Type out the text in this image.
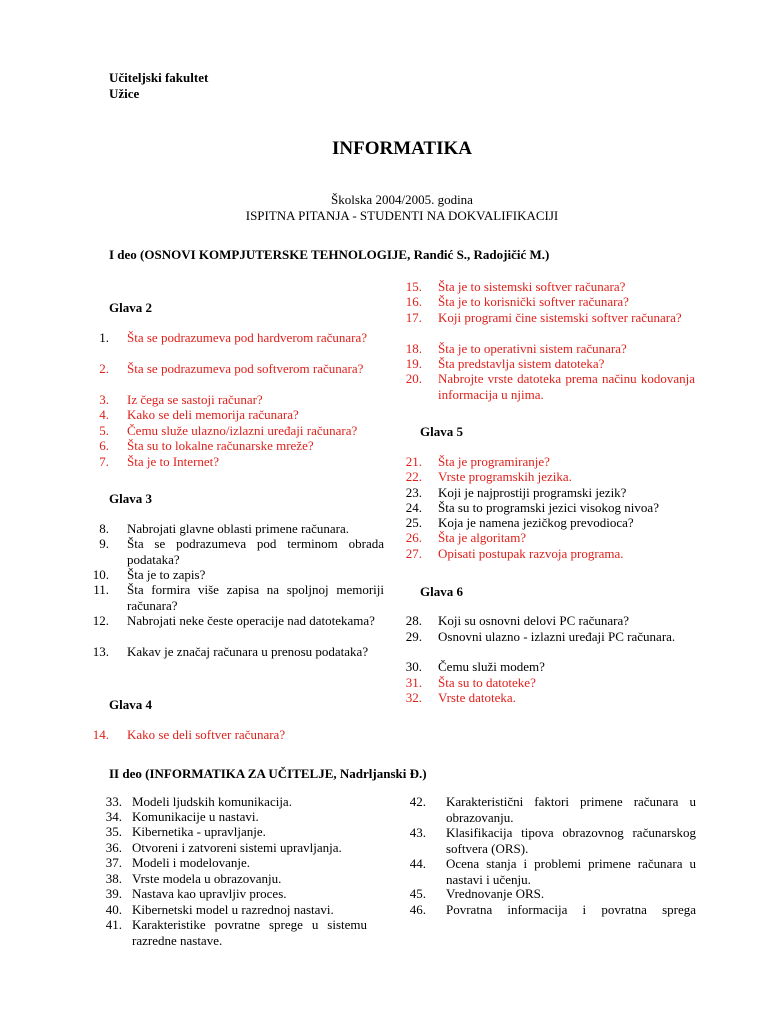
Učiteljski fakultet
Užice
INFORMATIKA
Školska 2004/2005. godina
ISPITNA PITANJA - STUDENTI NA DOKVALIFIKACIJI
I deo (OSNOVI KOMPJUTERSKE TEHNOLOGIJE, Ranđić S., Radojičić M.)
Glava 2
1. Šta se podrazumeva pod hardverom računara?
2. Šta se podrazumeva pod softverom računara?
3. Iz čega se sastoji računar?
4. Kako se deli memorija računara?
5. Čemu služe ulazno/izlazni uređaji računara?
6. Šta su to lokalne računarske mreže?
7. Šta je to Internet?
Glava 3
8. Nabrojati glavne oblasti primene računara.
9. Šta se podrazumeva pod terminom obrada podataka?
10. Šta je to zapis?
11. Šta formira više zapisa na spoljnoj memoriji računara?
12. Nabrojati neke česte operacije nad datotekama?
13. Kakav je značaj računara u prenosu podataka?
Glava 4
14. Kako se deli softver računara?
15. Šta je to sistemski softver računara?
16. Šta je to korisnički softver računara?
17. Koji programi čine sistemski softver računara?
18. Šta je to operativni sistem računara?
19. Šta predstavlja sistem datoteka?
20. Nabrojte vrste datoteka prema načinu kodovanja informacija u njima.
Glava 5
21. Šta je programiranje?
22. Vrste programskih jezika.
23. Koji je najprostiji programski jezik?
24. Šta su to programski jezici visokog nivoa?
25. Koja je namena jezičkog prevodioca?
26. Šta je algoritam?
27. Opisati postupak razvoja programa.
Glava 6
28. Koji su osnovni delovi PC računara?
29. Osnovni ulazno - izlazni uređaji PC računara.
30. Čemu služi modem?
31. Šta su to datoteke?
32. Vrste datoteka.
II deo (INFORMATIKA ZA UČITELJE, Nadrljanski Đ.)
33. Modeli ljudskih komunikacija.
34. Komunikacije u nastavi.
35. Kibernetika - upravljanje.
36. Otvoreni i zatvoreni sistemi upravljanja.
37. Modeli i modelovanje.
38. Vrste modela u obrazovanju.
39. Nastava kao upravljiv proces.
40. Kibernetski model u razrednoj nastavi.
41. Karakteristike povratne sprege u sistemu razredne nastave.
42. Karakteristični faktori primene računara u obrazovanju.
43. Klasifikacija tipova obrazovnog računarskog softvera (ORS).
44. Ocena stanja i problemi primene računara u nastavi i učenju.
45. Vrednovanje ORS.
46. Povratna informacija i povratna sprega
